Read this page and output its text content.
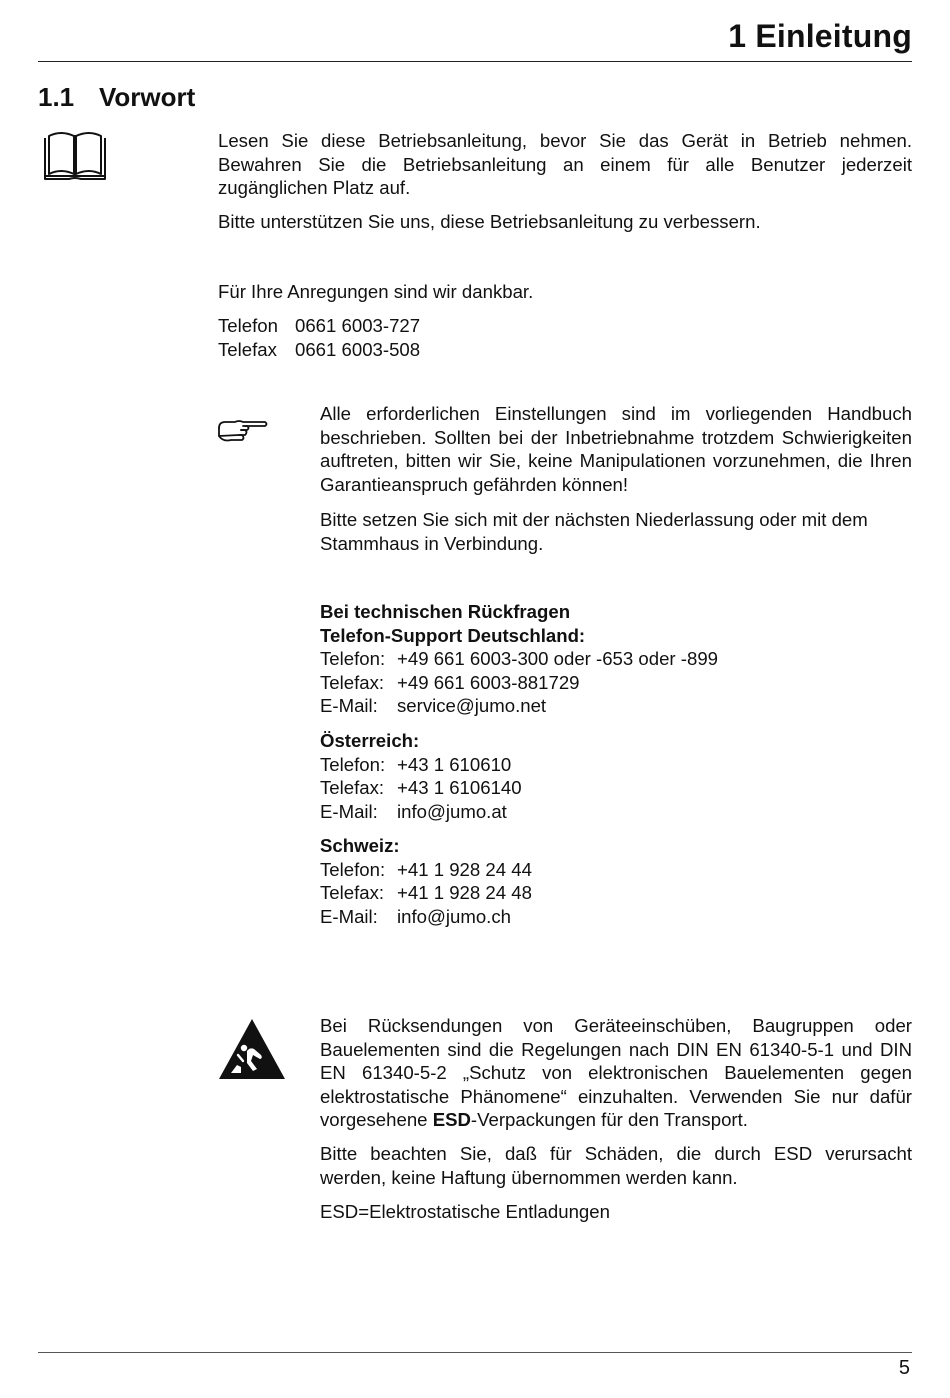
1 Einleitung
1.1 Vorwort
Lesen Sie diese Betriebsanleitung, bevor Sie das Gerät in Betrieb nehmen. Bewahren Sie die Betriebsanleitung an einem für alle Benutzer jederzeit zugänglichen Platz auf.
Bitte unterstützen Sie uns, diese Betriebsanleitung zu verbessern.
Für Ihre Anregungen sind wir dankbar.
Telefon 0661 6003-727
Telefax 0661 6003-508
Alle erforderlichen Einstellungen sind im vorliegenden Handbuch beschrieben. Sollten bei der Inbetriebnahme trotzdem Schwierigkeiten auftreten, bitten wir Sie, keine Manipulationen vorzunehmen, die Ihren Garantieanspruch gefährden können!
Bitte setzen Sie sich mit der nächsten Niederlassung oder mit dem Stammhaus in Verbindung.
Bei technischen Rückfragen
Telefon-Support Deutschland:
Telefon: +49 661 6003-300 oder -653 oder -899
Telefax: +49 661 6003-881729
E-Mail:	service@jumo.net
Österreich:
Telefon: +43 1 610610
Telefax: +43 1 6106140
E-Mail:	info@jumo.at
Schweiz:
Telefon: +41 1 928 24 44
Telefax: +41 1 928 24 48
E-Mail:	info@jumo.ch
Bei Rücksendungen von Geräteeinschüben, Baugruppen oder Bauelementen sind die Regelungen nach DIN EN 61340-5-1 und DIN EN 61340-5-2 „Schutz von elektronischen Bauelementen gegen elektrostatische Phänomene“ einzuhalten. Verwenden Sie nur dafür vorgesehene ESD-Verpackungen für den Transport.
Bitte beachten Sie, daß für Schäden, die durch ESD verursacht werden, keine Haftung übernommen werden kann.
ESD=Elektrostatische Entladungen
5
